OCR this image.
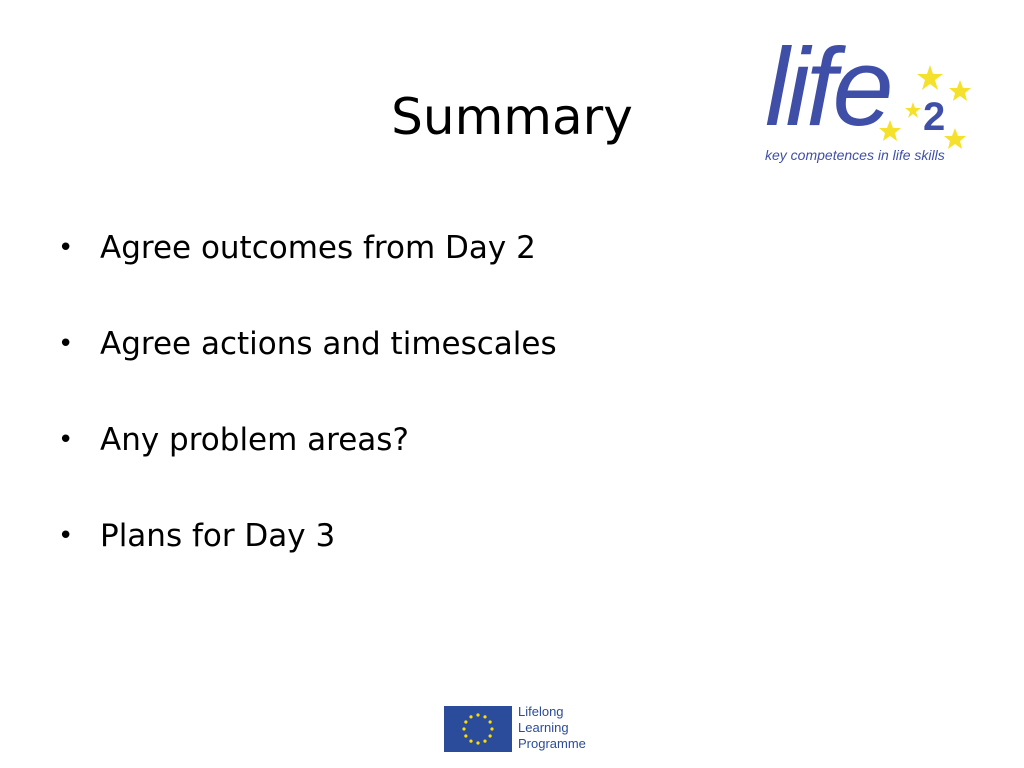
Summary	life 2
key competences in life skills
• Agree outcomes from Day 2
• Agree actions and timescales
• Any problem areas?
• Plans for Day 3
Lifelong
Learning
Programme
